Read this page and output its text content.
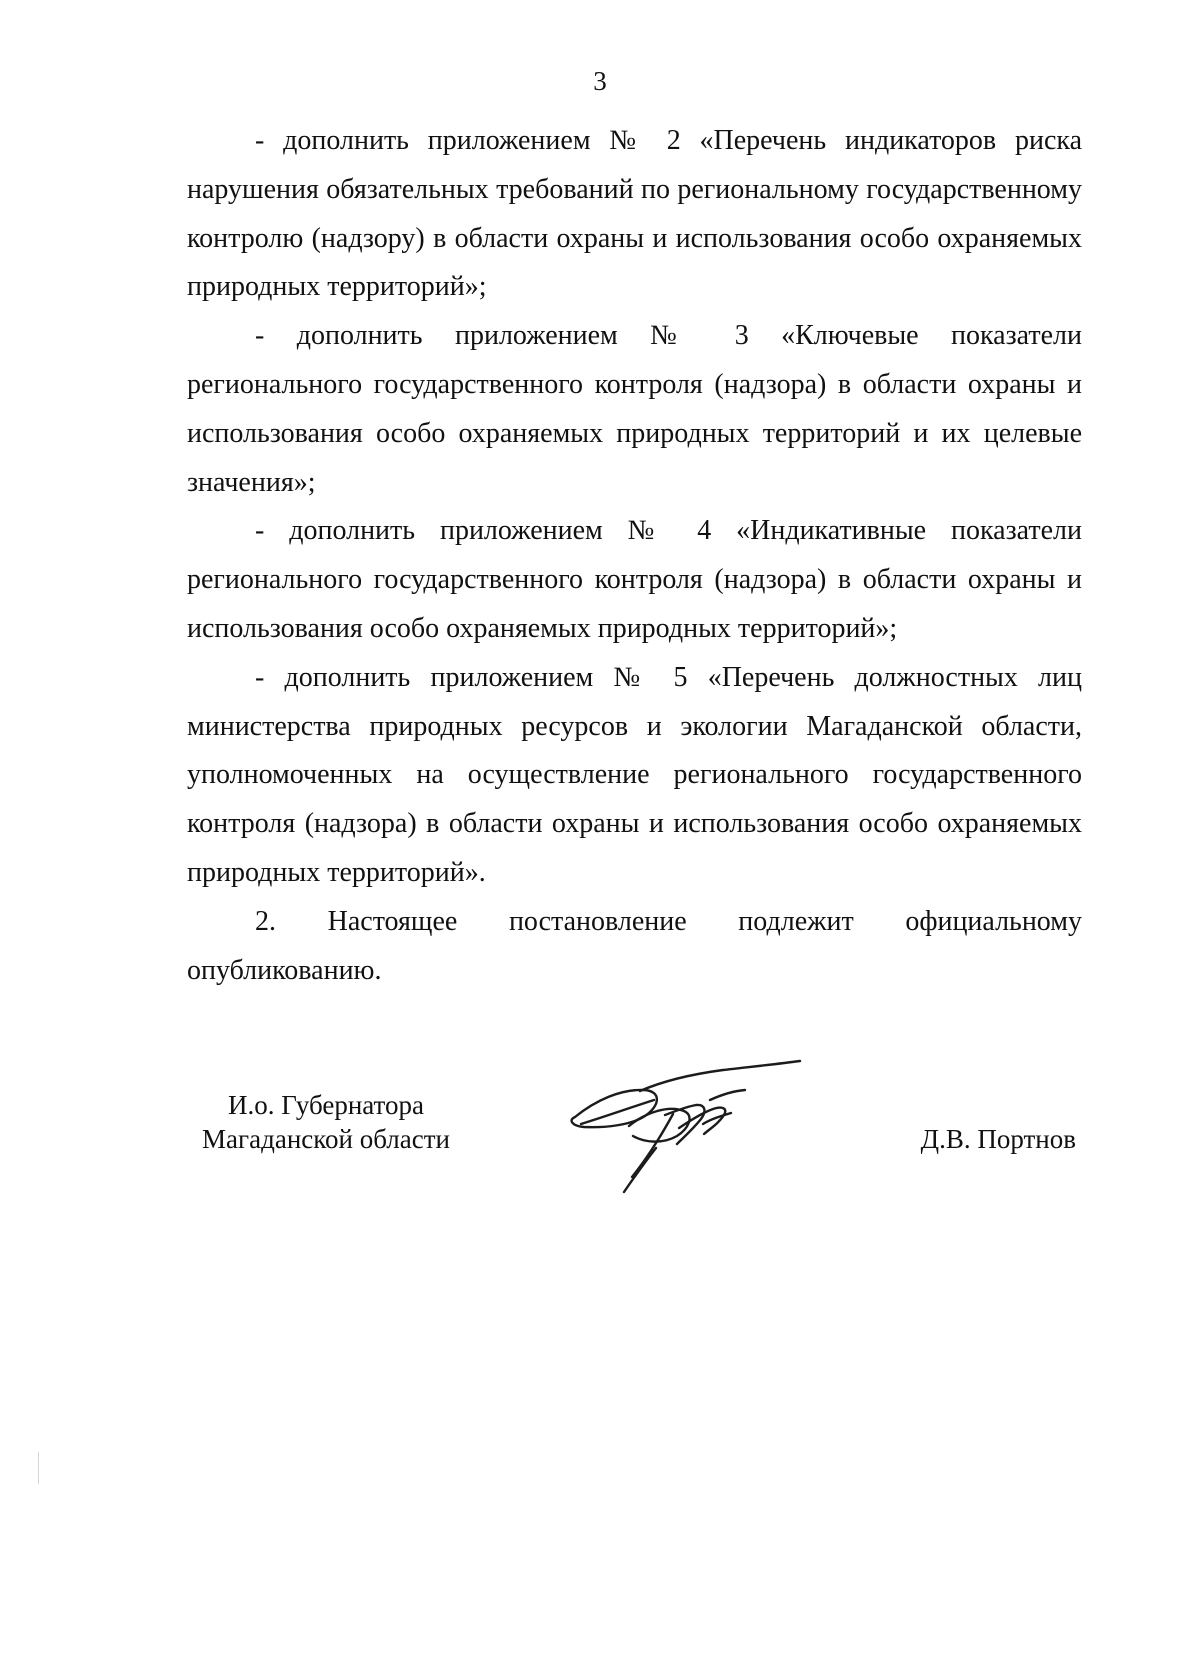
3

- дополнить приложением № 2 «Перечень индикаторов риска нарушения обязательных требований по региональному государственному контролю (надзору) в области охраны и использования особо охраняемых природных территорий»;

- дополнить приложением № 3 «Ключевые показатели регионального государственного контроля (надзора) в области охраны и использования особо охраняемых природных территорий и их целевые значения»;

- дополнить приложением № 4 «Индикативные показатели регионального государственного контроля (надзора) в области охраны и использования особо охраняемых природных территорий»;

- дополнить приложением № 5 «Перечень должностных лиц министерства природных ресурсов и экологии Магаданской области, уполномоченных на осуществление регионального государственного контроля (надзора) в области охраны и использования особо охраняемых природных территорий».

2. Настоящее постановление подлежит официальному опубликованию.

И.о. Губернатора
Магаданской области	Д.В. Портнов
